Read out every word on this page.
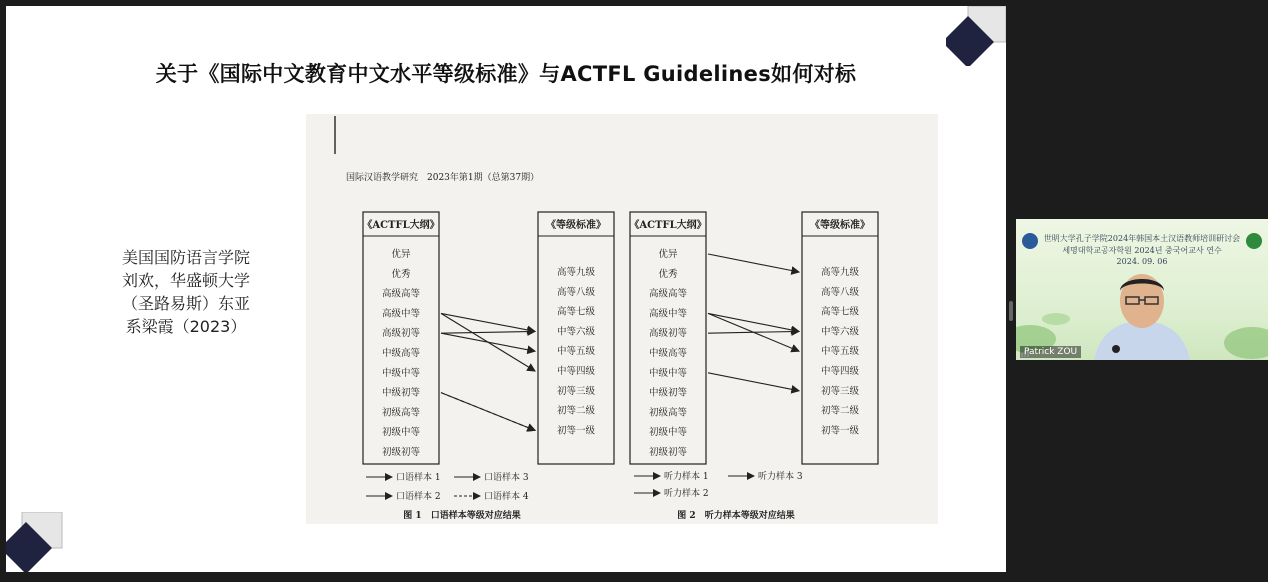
关于《国际中文教育中文水平等级标准》与ACTFL Guidelines如何对标
美国国防语言学院
刘欢，华盛顿大学
（圣路易斯）东亚
系梁霞（2023）
国际汉语教学研究　2023年第1期（总第37期）
《ACTFL大纲》	《等级标准》
优异
优秀
高级高等
高级中等
高级初等
中级高等
中级中等
中级初等
初级高等
初级中等
初级初等
高等九级
高等八级
高等七级
中等六级
中等五级
中等四级
初等三级
初等二级
初等一级
口语样本 1	口语样本 3
口语样本 2	口语样本 4
图 1　口语样本等级对应结果
《ACTFL大纲》	《等级标准》
优异
优秀
高级高等
高级中等
高级初等
中级高等
中级中等
中级初等
初级高等
初级中等
初级初等
高等九级
高等八级
高等七级
中等六级
中等五级
中等四级
初等三级
初等二级
初等一级
听力样本 1	听力样本 3
听力样本 2
图 2　听力样本等级对应结果
世明大学孔子学院2024年韩国本土汉语教师培训研讨会
세명대학교공자학원 2024년 중국어교사 연수
2024. 09. 06
Patrick ZOU
